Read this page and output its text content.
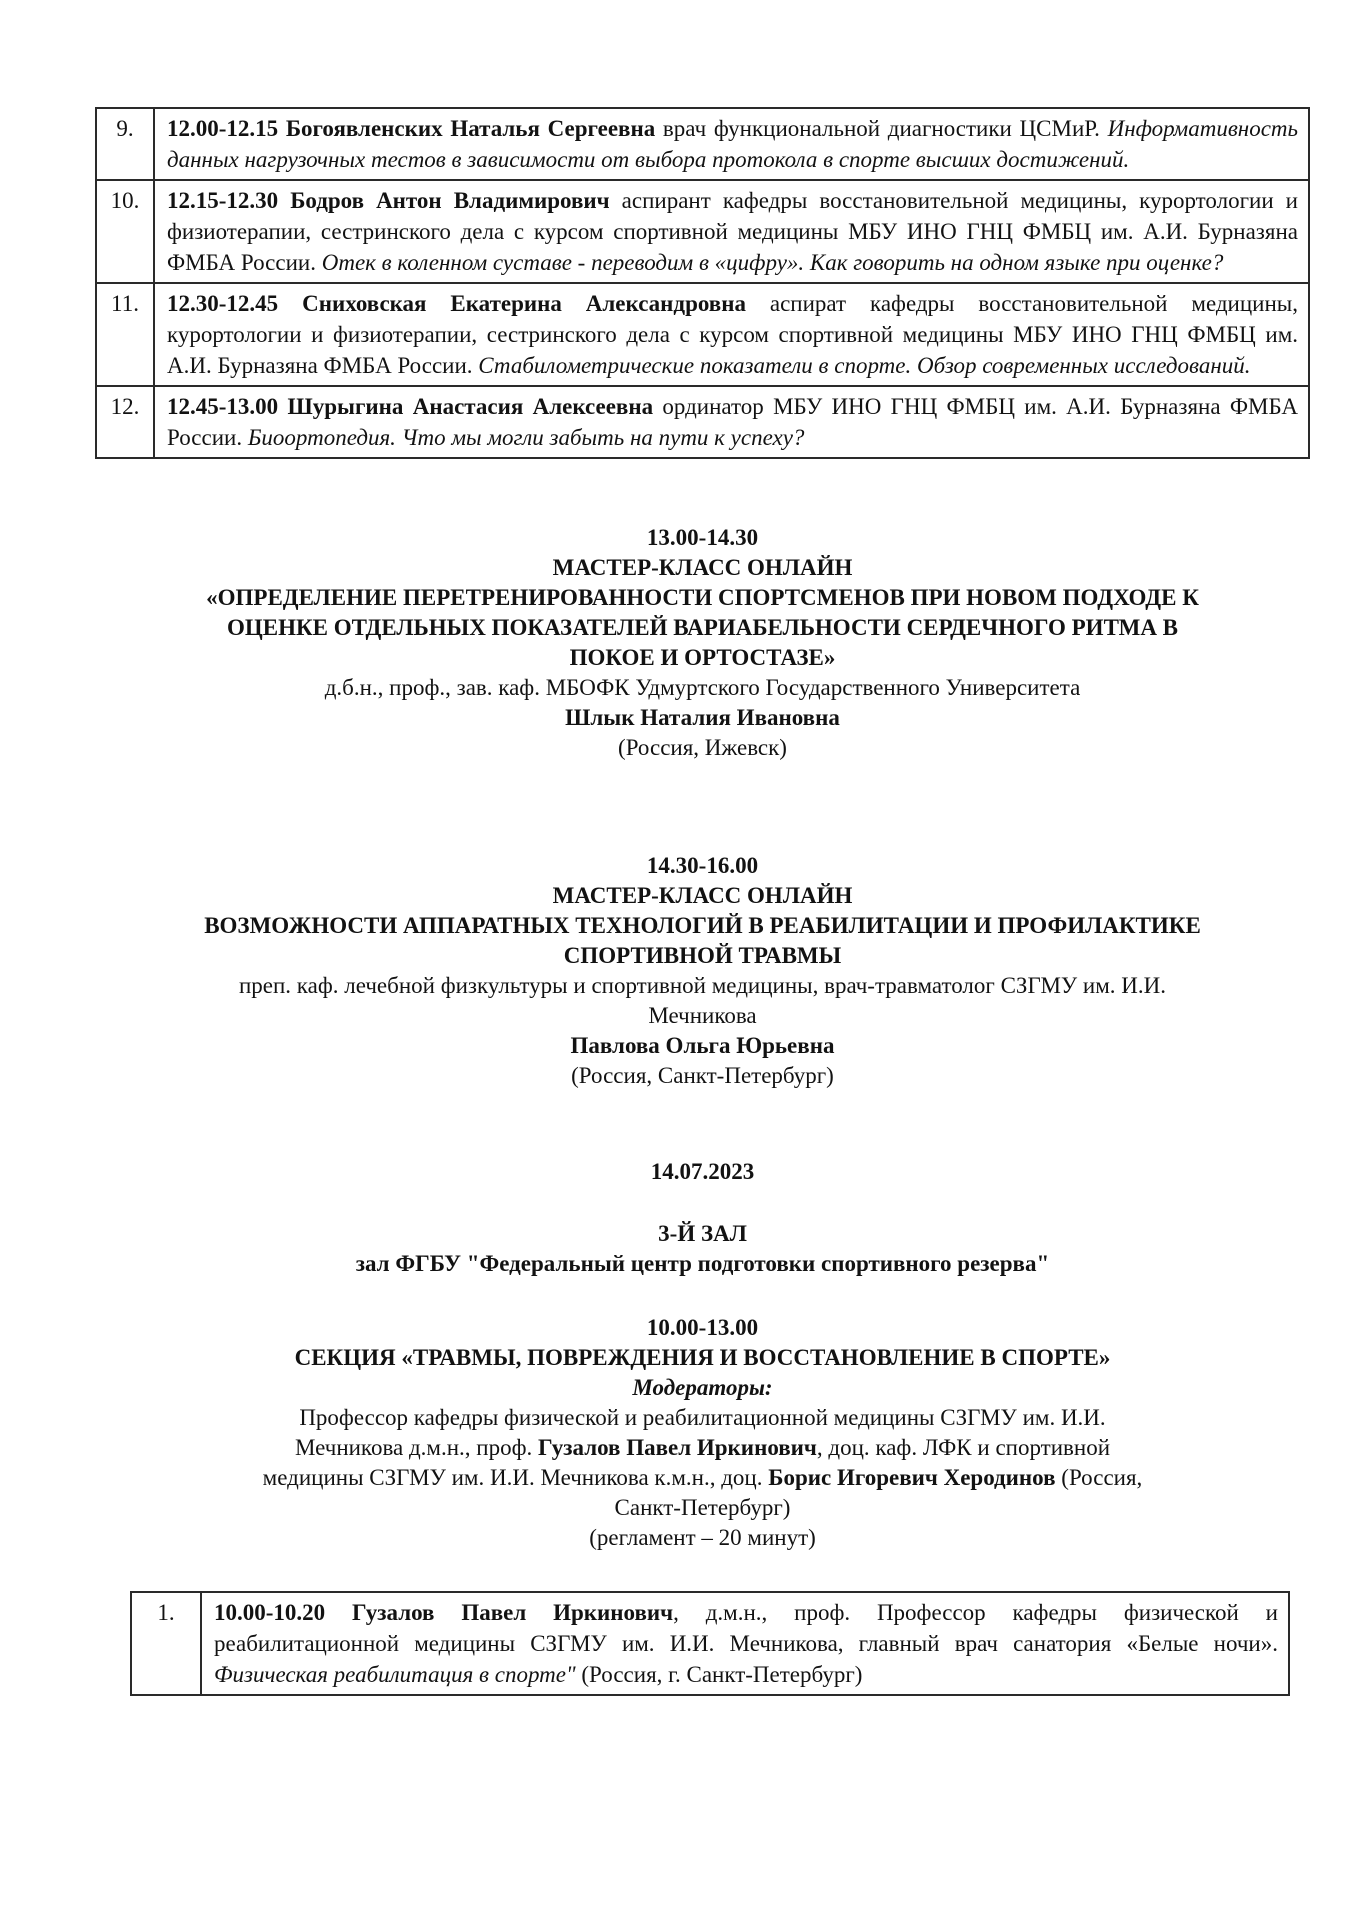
9.	12.00-12.15 Богоявленских Наталья Сергеевна врач функциональной диагностики ЦСМиР. Информативность данных нагрузочных тестов в зависимости от выбора протокола в спорте высших достижений.

10.	12.15-12.30 Бодров Антон Владимирович аспирант кафедры восстановительной медицины, курортологии и физиотерапии, сестринского дела с курсом спортивной медицины МБУ ИНО ГНЦ ФМБЦ им. А.И. Бурназяна ФМБА России. Отек в коленном суставе - переводим в «цифру». Как говорить на одном языке при оценке?

11.	12.30-12.45 Сниховская Екатерина Александровна аспират кафедры восстановительной медицины, курортологии и физиотерапии, сестринского дела с курсом спортивной медицины МБУ ИНО ГНЦ ФМБЦ им. А.И. Бурназяна ФМБА России. Стабилометрические показатели в спорте. Обзор современных исследований.

12.	12.45-13.00 Шурыгина Анастасия Алексеевна ординатор МБУ ИНО ГНЦ ФМБЦ им. А.И. Бурназяна ФМБА России. Биоортопедия. Что мы могли забыть на пути к успеху?

13.00-14.30
МАСТЕР-КЛАСС ОНЛАЙН
«ОПРЕДЕЛЕНИЕ ПЕРЕТРЕНИРОВАННОСТИ СПОРТСМЕНОВ ПРИ НОВОМ ПОДХОДЕ К ОЦЕНКЕ ОТДЕЛЬНЫХ ПОКАЗАТЕЛЕЙ ВАРИАБЕЛЬНОСТИ СЕРДЕЧНОГО РИТМА В ПОКОЕ И ОРТОСТАЗЕ»
д.б.н., проф., зав. каф. МБОФК Удмуртского Государственного Университета
Шлык Наталия Ивановна
(Россия, Ижевск)
14.30-16.00
МАСТЕР-КЛАСС ОНЛАЙН
ВОЗМОЖНОСТИ АППАРАТНЫХ ТЕХНОЛОГИЙ В РЕАБИЛИТАЦИИ И ПРОФИЛАКТИКЕ СПОРТИВНОЙ ТРАВМЫ
преп. каф. лечебной физкультуры и спортивной медицины, врач-травматолог СЗГМУ им. И.И. Мечникова
Павлова Ольга Юрьевна
(Россия, Санкт-Петербург)
14.07.2023
3-Й ЗАЛ
зал ФГБУ "Федеральный центр подготовки спортивного резерва"
10.00-13.00
СЕКЦИЯ «ТРАВМЫ, ПОВРЕЖДЕНИЯ И ВОССТАНОВЛЕНИЕ В СПОРТЕ»
Модераторы:

Профессор кафедры физической и реабилитационной медицины СЗГМУ им. И.И. Мечникова д.м.н., проф. Гузалов Павел Иркинович, доц. каф. ЛФК и спортивной медицины СЗГМУ им. И.И. Мечникова к.м.н., доц. Борис Игоревич Херодинов (Россия, Санкт-Петербург)

(регламент – 20 минут)
1.	10.00-10.20 Гузалов Павел Иркинович, д.м.н., проф. Профессор кафедры физической и реабилитационной медицины СЗГМУ им. И.И. Мечникова, главный врач санатория «Белые ночи». Физическая реабилитация в спорте" (Россия, г. Санкт-Петербург)
